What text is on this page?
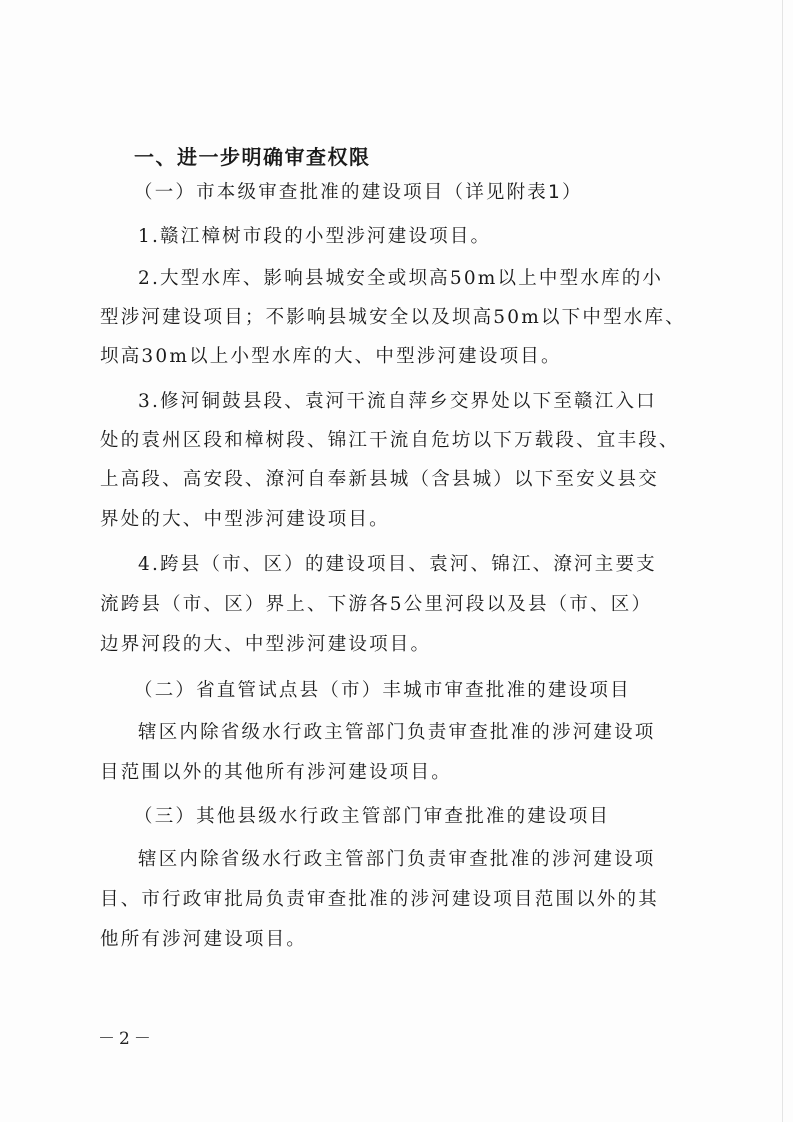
一、进一步明确审查权限
（一）市本级审查批准的建设项目（详见附表1）
1.赣江樟树市段的小型涉河建设项目。
2.大型水库、影响县城安全或坝高50m以上中型水库的小
型涉河建设项目；不影响县城安全以及坝高50m以下中型水库、
坝高30m以上小型水库的大、中型涉河建设项目。
3.修河铜鼓县段、袁河干流自萍乡交界处以下至赣江入口
处的袁州区段和樟树段、锦江干流自危坊以下万载段、宜丰段、
上高段、高安段、潦河自奉新县城（含县城）以下至安义县交
界处的大、中型涉河建设项目。
4.跨县（市、区）的建设项目、袁河、锦江、潦河主要支
流跨县（市、区）界上、下游各5公里河段以及县（市、区）
边界河段的大、中型涉河建设项目。
（二）省直管试点县（市）丰城市审查批准的建设项目
辖区内除省级水行政主管部门负责审查批准的涉河建设项
目范围以外的其他所有涉河建设项目。
（三）其他县级水行政主管部门审查批准的建设项目
辖区内除省级水行政主管部门负责审查批准的涉河建设项
目、市行政审批局负责审查批准的涉河建设项目范围以外的其
他所有涉河建设项目。
－2－
